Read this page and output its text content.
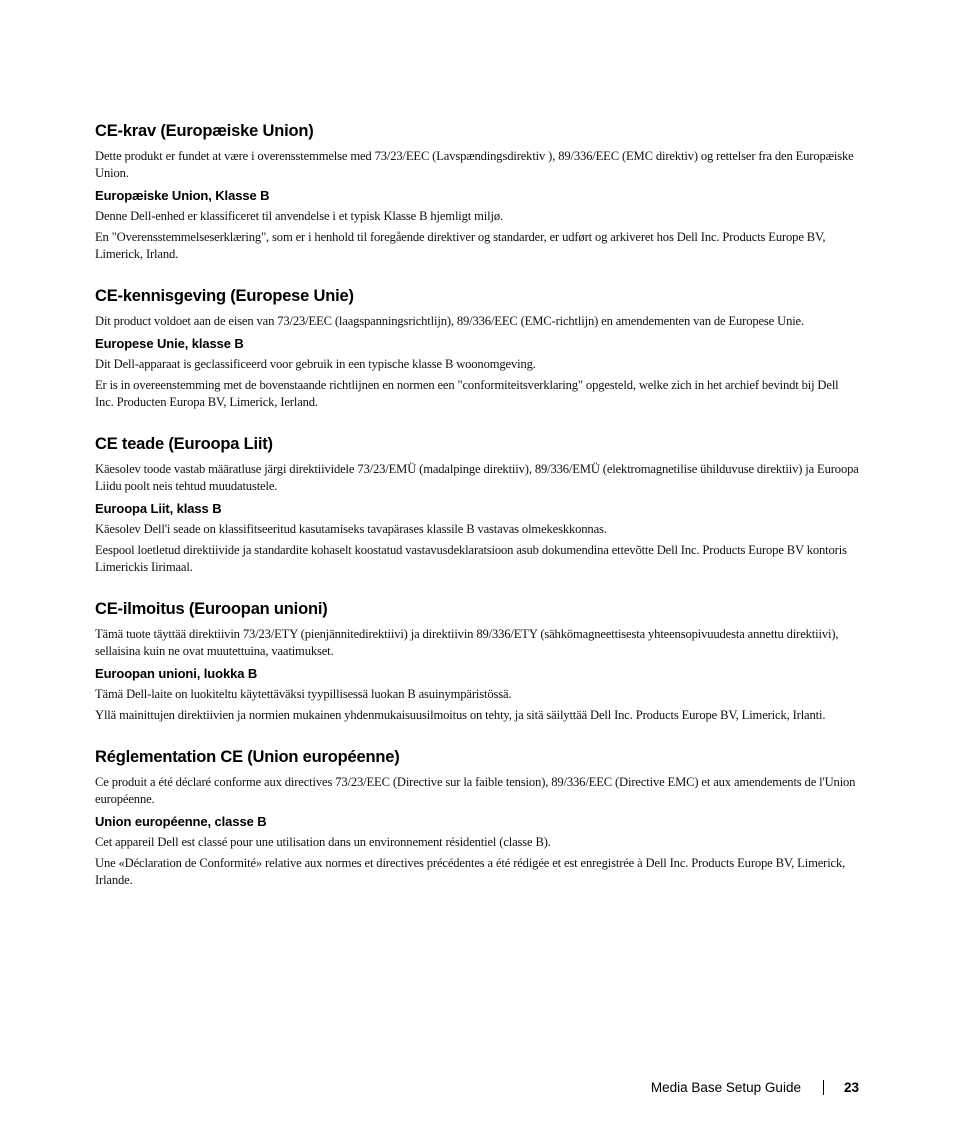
CE-krav (Europæiske Union)

Dette produkt er fundet at være i overensstemmelse med 73/23/EEC (Lavspændingsdirektiv ), 89/336/EEC (EMC direktiv) og rettelser fra den Europæiske Union.

Europæiske Union, Klasse B

Denne Dell-enhed er klassificeret til anvendelse i et typisk Klasse B hjemligt miljø.

En "Overensstemmelseserklæring", som er i henhold til foregående direktiver og standarder, er udført og arkiveret hos Dell Inc. Products Europe BV, Limerick, Irland.

CE-kennisgeving (Europese Unie)

Dit product voldoet aan de eisen van 73/23/EEC (laagspanningsrichtlijn), 89/336/EEC (EMC-richtlijn) en amendementen van de Europese Unie.

Europese Unie, klasse B

Dit Dell-apparaat is geclassificeerd voor gebruik in een typische klasse B woonomgeving.

Er is in overeenstemming met de bovenstaande richtlijnen en normen een "conformiteitsverklaring" opgesteld, welke zich in het archief bevindt bij Dell Inc. Producten Europa BV, Limerick, Ierland.

CE teade (Euroopa Liit)

Käesolev toode vastab määratluse järgi direktiividele 73/23/EMÜ (madalpinge direktiiv), 89/336/EMÜ (elektromagnetilise ühilduvuse direktiiv) ja Euroopa Liidu poolt neis tehtud muudatustele.

Euroopa Liit, klass B

Käesolev Dell'i seade on klassifitseeritud kasutamiseks tavapärases klassile B vastavas olmekeskkonnas.

Eespool loetletud direktiivide ja standardite kohaselt koostatud vastavusdeklaratsioon asub dokumendina ettevõtte Dell Inc. Products Europe BV kontoris Limerickis Iirimaal.

CE-ilmoitus (Euroopan unioni)

Tämä tuote täyttää direktiivin 73/23/ETY (pienjännitedirektiivi) ja direktiivin 89/336/ETY (sähkömagneettisesta yhteensopivuudesta annettu direktiivi), sellaisina kuin ne ovat muutettuina, vaatimukset.

Euroopan unioni, luokka B

Tämä Dell-laite on luokiteltu käytettäväksi tyypillisessä luokan B asuinympäristössä.

Yllä mainittujen direktiivien ja normien mukainen yhdenmukaisuusilmoitus on tehty, ja sitä säilyttää Dell Inc. Products Europe BV, Limerick, Irlanti.

Réglementation CE (Union européenne)

Ce produit a été déclaré conforme aux directives 73/23/EEC (Directive sur la faible tension), 89/336/EEC (Directive EMC) et aux amendements de l'Union européenne.

Union européenne, classe B

Cet appareil Dell est classé pour une utilisation dans un environnement résidentiel (classe B).

Une «Déclaration de Conformité» relative aux normes et directives précédentes a été rédigée et est enregistrée à Dell Inc. Products Europe BV, Limerick, Irlande.

Media Base Setup Guide	23
